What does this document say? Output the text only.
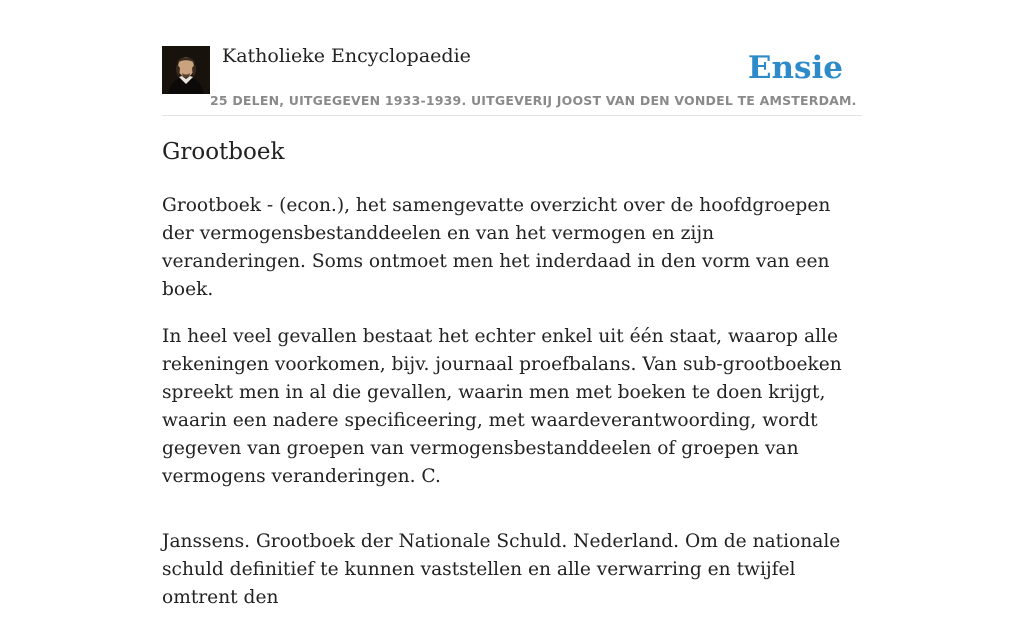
Katholieke Encyclopaedie
25 DELEN, UITGEGEVEN 1933-1939. UITGEVERIJ JOOST VAN DEN VONDEL TE AMSTERDAM.
Ensie
Grootboek

Grootboek - (econ.), het samengevatte overzicht over de hoofdgroepen der vermogensbestanddeelen en van het vermogen en zijn veranderingen. Soms ontmoet men het inderdaad in den vorm van een boek.

In heel veel gevallen bestaat het echter enkel uit één staat, waarop alle rekeningen voorkomen, bijv. journaal proefbalans. Van sub-grootboeken spreekt men in al die gevallen, waarin men met boeken te doen krijgt, waarin een nadere specificeering, met waardeverantwoording, wordt gegeven van groepen van vermogensbestanddeelen of groepen van vermogens veranderingen. C.

Janssens. Grootboek der Nationale Schuld. Nederland. Om de nationale schuld definitief te kunnen vaststellen en alle verwarring en twijfel omtrent den
